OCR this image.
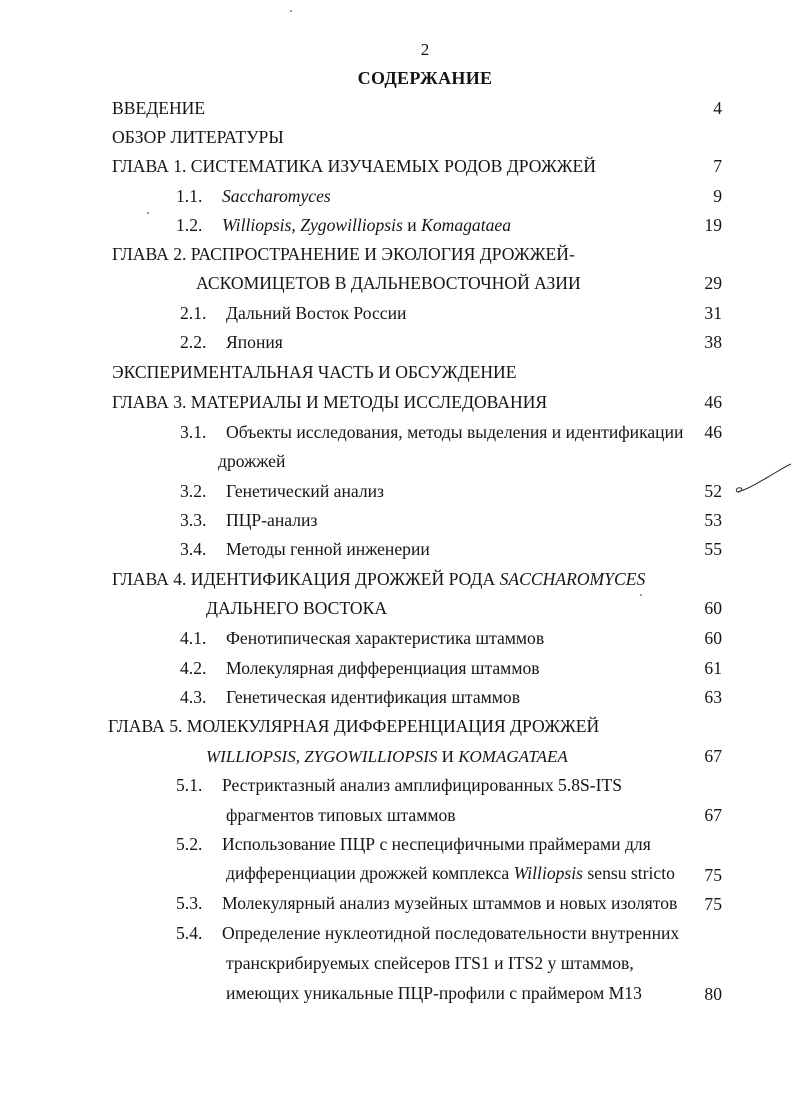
2
СОДЕРЖАНИЕ
ВВЕДЕНИЕ	4
ОБЗОР ЛИТЕРАТУРЫ
ГЛАВА 1. СИСТЕМАТИКА ИЗУЧАЕМЫХ РОДОВ ДРОЖЖЕЙ	7
1.1. Saccharomyces	9
1.2. Williopsis, Zygowilliopsis и Komagataea	19
ГЛАВА 2. РАСПРОСТРАНЕНИЕ И ЭКОЛОГИЯ ДРОЖЖЕЙ-
АСКОМИЦЕТОВ В ДАЛЬНЕВОСТОЧНОЙ АЗИИ	29
2.1. Дальний Восток России	31
2.2. Япония	38
ЭКСПЕРИМЕНТАЛЬНАЯ ЧАСТЬ И ОБСУЖДЕНИЕ
ГЛАВА 3. МАТЕРИАЛЫ И МЕТОДЫ ИССЛЕДОВАНИЯ	46
3.1. Объекты исследования, методы выделения и идентификации	46
дрожжей
3.2. Генетический анализ	52
3.3. ПЦР-анализ	53
3.4. Методы генной инженерии	55
ГЛАВА 4. ИДЕНТИФИКАЦИЯ ДРОЖЖЕЙ РОДА SACCHAROMYCES
ДАЛЬНЕГО ВОСТОКА	60
4.1. Фенотипическая характеристика штаммов	60
4.2. Молекулярная дифференциация штаммов	61
4.3. Генетическая идентификация штаммов	63
ГЛАВА 5. МОЛЕКУЛЯРНАЯ ДИФФЕРЕНЦИАЦИЯ ДРОЖЖЕЙ
WILLIOPSIS, ZYGOWILLIOPSIS И KOMAGATAEA	67
5.1. Рестриктазный анализ амплифицированных 5.8S-ITS
фрагментов типовых штаммов	67
5.2. Использование ПЦР с неспецифичными праймерами для
дифференциации дрожжей комплекса Williopsis sensu stricto	75
5.3. Молекулярный анализ музейных штаммов и новых изолятов	75
5.4. Определение нуклеотидной последовательности внутренних
транскрибируемых спейсеров ITS1 и ITS2 у штаммов,
имеющих уникальные ПЦР-профили с праймером М13	80
